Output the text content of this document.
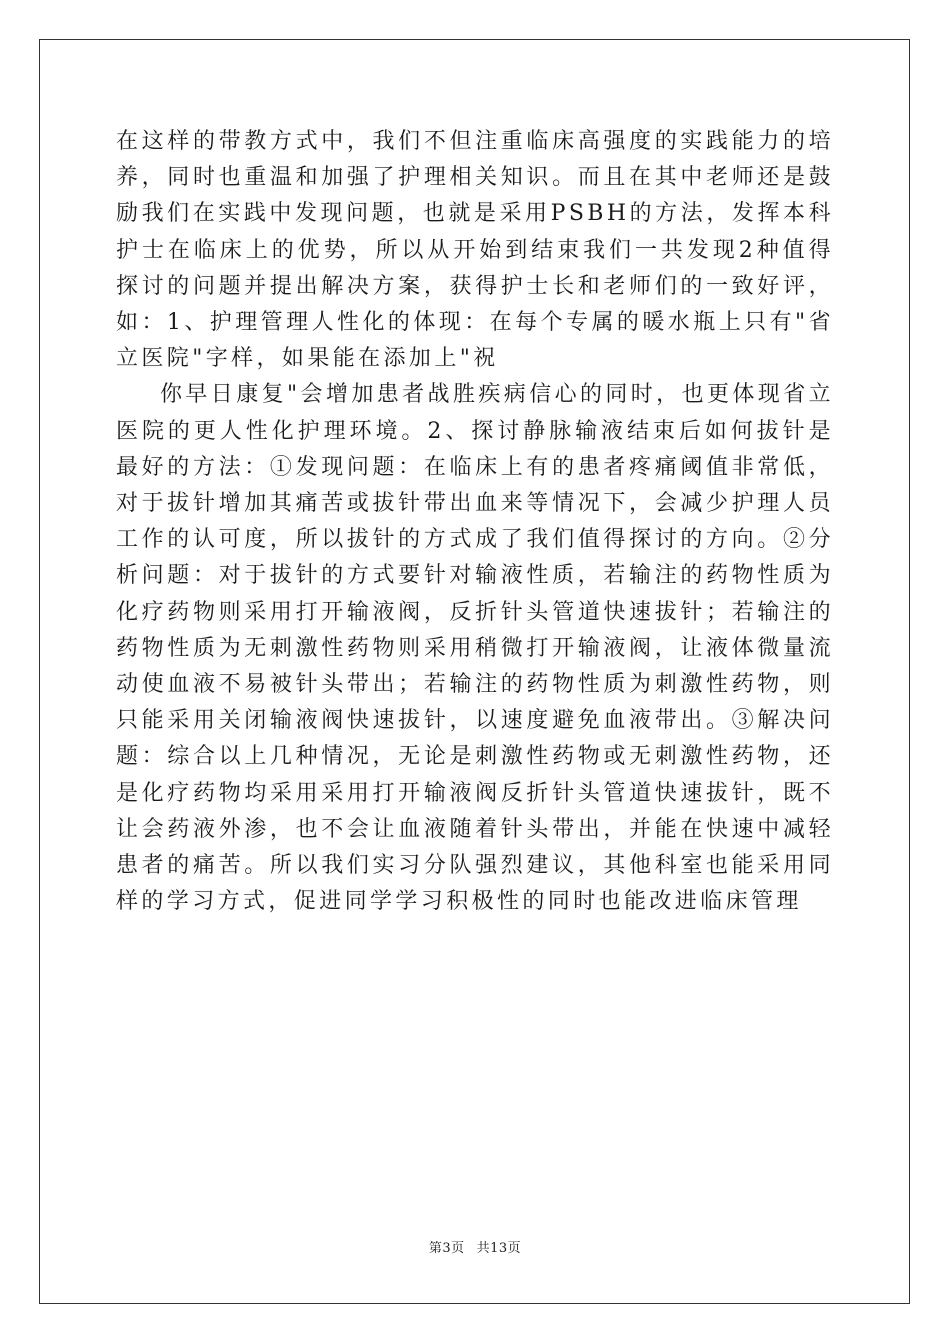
在这样的带教方式中，我们不但注重临床高强度的实践能力的培养，同时也重温和加强了护理相关知识。而且在其中老师还是鼓励我们在实践中发现问题，也就是采用PSBH的方法，发挥本科护士在临床上的优势，所以从开始到结束我们一共发现2种值得探讨的问题并提出解决方案，获得护士长和老师们的一致好评，如：1、护理管理人性化的体现：在每个专属的暖水瓶上只有"省立医院"字样，如果能在添加上"祝

你早日康复"会增加患者战胜疾病信心的同时，也更体现省立医院的更人性化护理环境。2、探讨静脉输液结束后如何拔针是最好的方法：①发现问题：在临床上有的患者疼痛阈值非常低，对于拔针增加其痛苦或拔针带出血来等情况下，会减少护理人员工作的认可度，所以拔针的方式成了我们值得探讨的方向。②分析问题：对于拔针的方式要针对输液性质，若输注的药物性质为化疗药物则采用打开输液阀，反折针头管道快速拔针；若输注的药物性质为无刺激性药物则采用稍微打开输液阀，让液体微量流动使血液不易被针头带出；若输注的药物性质为刺激性药物，则只能采用关闭输液阀快速拔针，以速度避免血液带出。③解决问题：综合以上几种情况，无论是刺激性药物或无刺激性药物，还是化疗药物均采用采用打开输液阀反折针头管道快速拔针，既不让会药液外渗，也不会让血液随着针头带出，并能在快速中减轻患者的痛苦。所以我们实习分队强烈建议，其他科室也能采用同样的学习方式，促进同学学习积极性的同时也能改进临床管理

第3页 共13页
